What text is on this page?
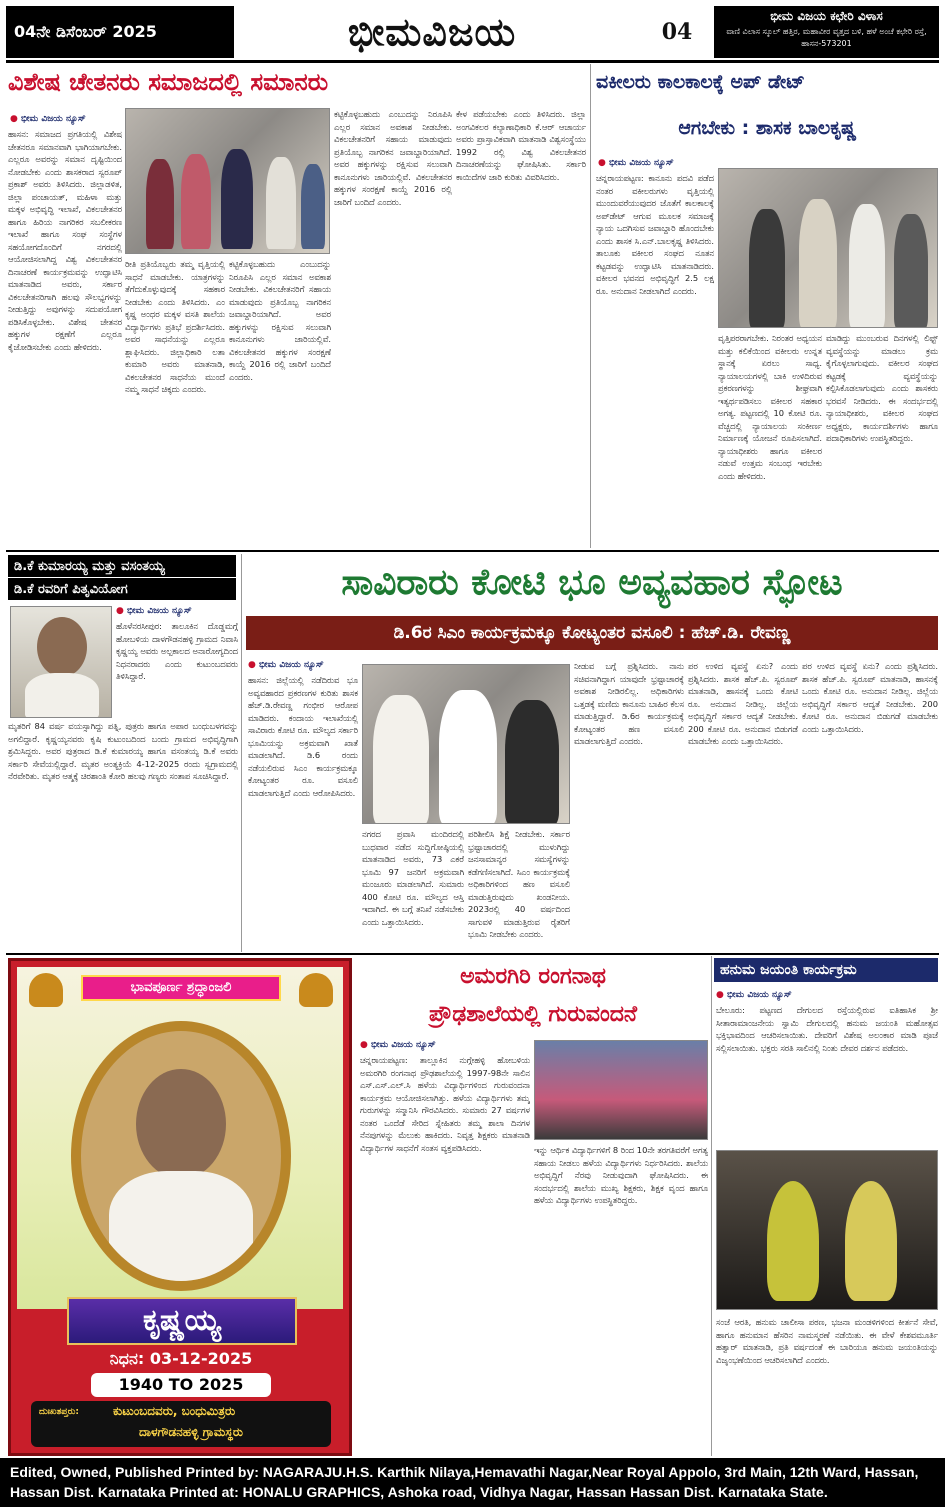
04ನೇ ಡಿಸೆಂಬರ್ 2025	ಭೀಮವಿಜಯ	04
ಭೀಮ ವಿಜಯ ಕಛೇರಿ ವಿಳಾಸ
ವಾಣಿ ವಿಲಾಸ ಸ್ಕೂಲ್ ಹತ್ತಿರ, ಮಹಾವೀರ ವೃತ್ತದ ಬಳಿ, ಹಳೆ ಅಂಚೆ ಕಛೇರಿ ರಸ್ತೆ, ಹಾಸನ-573201
ವಿಶೇಷ ಚೇತನರು ಸಮಾಜದಲ್ಲಿ ಸಮಾನರು
● ಭೀಮ ವಿಜಯ ನ್ಯೂಸ್
ಹಾಸನ: ಸಮಾಜದ ಪ್ರಗತಿಯಲ್ಲಿ ವಿಶೇಷ ಚೇತನರೂ ಸಮಾನವಾಗಿ ಭಾಗಿಯಾಗಬೇಕು. ಎಲ್ಲರೂ ಅವರನ್ನು ಸಮಾನ ದೃಷ್ಟಿಯಿಂದ ನೋಡಬೇಕು ಎಂದು ಶಾಸಕರಾದ ಸ್ವರೂಪ್ ಪ್ರಕಾಶ್ ಅವರು ತಿಳಿಸಿದರು. ಜಿಲ್ಲಾಡಳಿತ, ಜಿಲ್ಲಾ ಪಂಚಾಯತ್, ಮಹಿಳಾ ಮತ್ತು ಮಕ್ಕಳ ಅಭಿವೃದ್ಧಿ ಇಲಾಖೆ, ವಿಕಲಚೇತನರ ಹಾಗೂ ಹಿರಿಯ ನಾಗರಿಕರ ಸಬಲೀಕರಣ ಇಲಾಖೆ ಹಾಗೂ ಸಂಘ ಸಂಸ್ಥೆಗಳ ಸಹಯೋಗದೊಂದಿಗೆ ನಗರದಲ್ಲಿ ಆಯೋಜಿಸಲಾಗಿದ್ದ ವಿಶ್ವ ವಿಕಲಚೇತನರ ದಿನಾಚರಣೆ ಕಾರ್ಯಕ್ರಮವನ್ನು ಉದ್ಘಾಟಿಸಿ ಮಾತನಾಡಿದ ಅವರು, ಸರ್ಕಾರ ವಿಕಲಚೇತನರಿಗಾಗಿ ಹಲವು ಸೌಲಭ್ಯಗಳನ್ನು ನೀಡುತ್ತಿದ್ದು ಅವುಗಳನ್ನು ಸದುಪಯೋಗ ಪಡಿಸಿಕೊಳ್ಳಬೇಕು. ವಿಶೇಷ ಚೇತನರ ಹಕ್ಕುಗಳ ರಕ್ಷಣೆಗೆ ಎಲ್ಲರೂ ಕೈಜೋಡಿಸಬೇಕು ಎಂದು ಹೇಳಿದರು.
ರೀತಿ ಪ್ರತಿಯೊಬ್ಬರು ತಮ್ಮ ವೃತ್ತಿಯಲ್ಲಿ ಸಾಧನೆ ಮಾಡಬೇಕು. ಯಾತ್ರಗಳನ್ನು ತೆಗೆದುಕೊಳ್ಳುವುದಕ್ಕೆ ಸಹಕಾರ ನೀಡಬೇಕು ಎಂದು ತಿಳಿಸಿದರು. ಎಂ ಕೃಷ್ಣ ಅಂಧರ ಮಕ್ಕಳ ವಸತಿ ಶಾಲೆಯ ವಿದ್ಯಾರ್ಥಿಗಳು ಪ್ರತಿಭೆ ಪ್ರದರ್ಶಿಸಿದರು. ಅವರ ಸಾಧನೆಯನ್ನು ಎಲ್ಲರೂ ಶ್ಲಾಘಿಸಿದರು. ಜಿಲ್ಲಾಧಿಕಾರಿ ಲತಾ ಕುಮಾರಿ ಅವರು ಮಾತನಾಡಿ, ವಿಕಲಚೇತನರ ಸಾಧನೆಯ ಮುಂದೆ ನಮ್ಮ ಸಾಧನೆ ಚಿಕ್ಕದು ಎಂದರು.
ಕಟ್ಟಿಕೊಳ್ಳಬಹುದು ಎಂಬುದನ್ನು ನಿರೂಪಿಸಿ ಎಲ್ಲರ ಸಮಾನ ಅವಕಾಶ ನೀಡಬೇಕು. ವಿಕಲಚೇತನರಿಗೆ ಸಹಾಯ ಮಾಡುವುದು ಪ್ರತಿಯೊಬ್ಬ ನಾಗರಿಕನ ಜವಾಬ್ದಾರಿಯಾಗಿದೆ. ಅವರ ಹಕ್ಕುಗಳನ್ನು ರಕ್ಷಿಸುವ ಸಲುವಾಗಿ ಕಾನೂನುಗಳು ಜಾರಿಯಲ್ಲಿವೆ. ವಿಕಲಚೇತನರ ಹಕ್ಕುಗಳ ಸಂರಕ್ಷಣೆ ಕಾಯ್ದೆ 2016 ರಲ್ಲಿ ಜಾರಿಗೆ ಬಂದಿದೆ ಎಂದರು.
ಕಟ್ಟಿಕೊಳ್ಳಬಹುದು ಎಂಬುದನ್ನು ನಿರೂಪಿಸಿ ಎಲ್ಲರ ಸಮಾನ ಅವಕಾಶ ನೀಡಬೇಕು. ವಿಕಲಚೇತನರಿಗೆ ಸಹಾಯ ಮಾಡುವುದು ಪ್ರತಿಯೊಬ್ಬ ನಾಗರಿಕನ ಜವಾಬ್ದಾರಿಯಾಗಿದೆ. ಅವರ ಹಕ್ಕುಗಳನ್ನು ರಕ್ಷಿಸುವ ಸಲುವಾಗಿ ಕಾನೂನುಗಳು ಜಾರಿಯಲ್ಲಿವೆ. ವಿಕಲಚೇತನರ ಹಕ್ಕುಗಳ ಸಂರಕ್ಷಣೆ ಕಾಯ್ದೆ 2016 ರಲ್ಲಿ ಜಾರಿಗೆ ಬಂದಿದೆ ಎಂದರು.
ಕೇಳ ಪಡೆಯಬೇಕು ಎಂದು ತಿಳಿಸಿದರು. ಜಿಲ್ಲಾ ಅಂಗವಿಕಲರ ಕಲ್ಯಾಣಾಧಿಕಾರಿ ಕೆ.ಆರ್ ಆಚಾರ್ಯ ಅವರು ಪ್ರಾಸ್ತಾವಿಕವಾಗಿ ಮಾತನಾಡಿ ವಿಶ್ವಸಂಸ್ಥೆಯು 1992 ರಲ್ಲಿ ವಿಶ್ವ ವಿಕಲಚೇತನರ ದಿನಾಚರಣೆಯನ್ನು ಘೋಷಿಸಿತು. ಸರ್ಕಾರಿ ಕಾಯಿದೆಗಳ ಜಾರಿ ಕುರಿತು ವಿವರಿಸಿದರು.
ವಕೀಲರು ಕಾಲಕಾಲಕ್ಕೆ ಅಪ್ ಡೇಟ್
ಆಗಬೇಕು : ಶಾಸಕ ಬಾಲಕೃಷ್ಣ
● ಭೀಮ ವಿಜಯ ನ್ಯೂಸ್
ಚನ್ನರಾಯಪಟ್ಟಣ: ಕಾನೂನು ಪದವಿ ಪಡೆದ ನಂತರ ವಕೀಲರುಗಳು ವೃತ್ತಿಯಲ್ಲಿ ಮುಂದುವರೆಯುವುದರ ಜೊತೆಗೆ ಕಾಲಕಾಲಕ್ಕೆ ಅಪ್‌ಡೇಟ್ ಆಗುವ ಮೂಲಕ ಸಮಾಜಕ್ಕೆ ನ್ಯಾಯ ಒದಗಿಸುವ ಜವಾಬ್ದಾರಿ ಹೊಂದಬೇಕು ಎಂದು ಶಾಸಕ ಸಿ.ಎನ್.ಬಾಲಕೃಷ್ಣ ತಿಳಿಸಿದರು. ತಾಲೂಕು ವಕೀಲರ ಸಂಘದ ನೂತನ ಕಟ್ಟಡವನ್ನು ಉದ್ಘಾಟಿಸಿ ಮಾತನಾಡಿದರು. ವಕೀಲರ ಭವನದ ಅಭಿವೃದ್ಧಿಗೆ 2.5 ಲಕ್ಷ ರೂ. ಅನುದಾನ ನೀಡಲಾಗಿದೆ ಎಂದರು.
ವೃತ್ತಿಪರರಾಗಬೇಕು. ನಿರಂತರ ಅಧ್ಯಯನ ಮತ್ತು ಕಲಿಕೆಯಿಂದ ವಕೀಲರು ಉನ್ನತ ಸ್ಥಾನಕ್ಕೆ ಏರಲು ಸಾಧ್ಯ. ನ್ಯಾಯಾಲಯಗಳಲ್ಲಿ ಬಾಕಿ ಉಳಿದಿರುವ ಪ್ರಕರಣಗಳನ್ನು ಶೀಘ್ರವಾಗಿ ಇತ್ಯರ್ಥಪಡಿಸಲು ವಕೀಲರ ಸಹಕಾರ ಅಗತ್ಯ. ಪಟ್ಟಣದಲ್ಲಿ 10 ಕೋಟಿ ರೂ. ವೆಚ್ಚದಲ್ಲಿ ನ್ಯಾಯಾಲಯ ಸಂಕೀರ್ಣ ನಿರ್ಮಾಣಕ್ಕೆ ಯೋಜನೆ ರೂಪಿಸಲಾಗಿದೆ. ನ್ಯಾಯಾಧೀಶರು ಹಾಗೂ ವಕೀಲರ ನಡುವೆ ಉತ್ತಮ ಸಂಬಂಧ ಇರಬೇಕು ಎಂದು ಹೇಳಿದರು.
ಮಾಡಿದ್ದು ಮುಂಬರುವ ದಿನಗಳಲ್ಲಿ ಲಿಫ್ಟ್ ವ್ಯವಸ್ಥೆಯನ್ನು ಮಾಡಲು ಕ್ರಮ ಕೈಗೊಳ್ಳಲಾಗುವುದು. ವಕೀಲರ ಸಂಘದ ಕಟ್ಟಡಕ್ಕೆ ವ್ಯವಸ್ಥೆಯನ್ನು ಕಲ್ಪಿಸಿಕೊಡಲಾಗುವುದು ಎಂದು ಶಾಸಕರು ಭರವಸೆ ನೀಡಿದರು. ಈ ಸಂದರ್ಭದಲ್ಲಿ ನ್ಯಾಯಾಧೀಶರು, ವಕೀಲರ ಸಂಘದ ಅಧ್ಯಕ್ಷರು, ಕಾರ್ಯದರ್ಶಿಗಳು ಹಾಗೂ ಪದಾಧಿಕಾರಿಗಳು ಉಪಸ್ಥಿತರಿದ್ದರು.
ಡಿ.ಕೆ ಕುಮಾರಯ್ಯ ಮತ್ತು ವಸಂತಯ್ಯ
ಡಿ.ಕೆ ರವರಿಗೆ ಪಿತೃವಿಯೋಗ
● ಭೀಮ ವಿಜಯ ನ್ಯೂಸ್
ಹೊಳೆನರಸೀಪುರ: ತಾಲೂಕಿನ ದೊಡ್ಡಮಗ್ಗೆ ಹೋಬಳಿಯ ದಾಳಗೌಡನಹಳ್ಳಿ ಗ್ರಾಮದ ನಿವಾಸಿ ಕೃಷ್ಣಯ್ಯ ಅವರು ಅಲ್ಪಕಾಲದ ಅನಾರೋಗ್ಯದಿಂದ ನಿಧನರಾದರು ಎಂದು ಕುಟುಂಬದವರು ತಿಳಿಸಿದ್ದಾರೆ.
ಮೃತರಿಗೆ 84 ವರ್ಷ ವಯಸ್ಸಾಗಿದ್ದು ಪತ್ನಿ, ಪುತ್ರರು ಹಾಗೂ ಅಪಾರ ಬಂಧುಬಳಗವನ್ನು ಅಗಲಿದ್ದಾರೆ. ಕೃಷ್ಣಯ್ಯನವರು ಕೃಷಿ ಕುಟುಂಬದಿಂದ ಬಂದು ಗ್ರಾಮದ ಅಭಿವೃದ್ಧಿಗಾಗಿ ಶ್ರಮಿಸಿದ್ದರು. ಅವರ ಪುತ್ರರಾದ ಡಿ.ಕೆ ಕುಮಾರಯ್ಯ ಹಾಗೂ ವಸಂತಯ್ಯ ಡಿ.ಕೆ ಅವರು ಸರ್ಕಾರಿ ಸೇವೆಯಲ್ಲಿದ್ದಾರೆ. ಮೃತರ ಅಂತ್ಯಕ್ರಿಯೆ 4-12-2025 ರಂದು ಸ್ವಗ್ರಾಮದಲ್ಲಿ ನೆರವೇರಿತು. ಮೃತರ ಆತ್ಮಕ್ಕೆ ಚಿರಶಾಂತಿ ಕೋರಿ ಹಲವು ಗಣ್ಯರು ಸಂತಾಪ ಸೂಚಿಸಿದ್ದಾರೆ.
ಸಾವಿರಾರು ಕೋಟಿ ಭೂ ಅವ್ಯವಹಾರ ಸ್ಫೋಟ
ಡಿ.6ರ ಸಿಎಂ ಕಾರ್ಯಕ್ರಮಕ್ಕೂ ಕೋಟ್ಯಂತರ ವಸೂಲಿ : ಹೆಚ್.ಡಿ. ರೇವಣ್ಣ
● ಭೀಮ ವಿಜಯ ನ್ಯೂಸ್
ಹಾಸನ: ಜಿಲ್ಲೆಯಲ್ಲಿ ನಡೆದಿರುವ ಭೂ ಅವ್ಯವಹಾರದ ಪ್ರಕರಣಗಳ ಕುರಿತು ಶಾಸಕ ಹೆಚ್.ಡಿ.ರೇವಣ್ಣ ಗಂಭೀರ ಆರೋಪ ಮಾಡಿದರು. ಕಂದಾಯ ಇಲಾಖೆಯಲ್ಲಿ ಸಾವಿರಾರು ಕೋಟಿ ರೂ. ಮೌಲ್ಯದ ಸರ್ಕಾರಿ ಭೂಮಿಯನ್ನು ಅಕ್ರಮವಾಗಿ ಖಾತೆ ಮಾಡಲಾಗಿದೆ. ಡಿ.6 ರಂದು ನಡೆಯಲಿರುವ ಸಿಎಂ ಕಾರ್ಯಕ್ರಮಕ್ಕೂ ಕೋಟ್ಯಂತರ ರೂ. ವಸೂಲಿ ಮಾಡಲಾಗುತ್ತಿದೆ ಎಂದು ಆರೋಪಿಸಿದರು.
ನಗರದ ಪ್ರವಾಸಿ ಮಂದಿರದಲ್ಲಿ ಬುಧವಾರ ನಡೆದ ಸುದ್ದಿಗೋಷ್ಠಿಯಲ್ಲಿ ಮಾತನಾಡಿದ ಅವರು, 73 ಎಕರೆ ಭೂಮಿ 97 ಜನರಿಗೆ ಅಕ್ರಮವಾಗಿ ಮಂಜೂರು ಮಾಡಲಾಗಿದೆ. ಸುಮಾರು 400 ಕೋಟಿ ರೂ. ಮೌಲ್ಯದ ಆಸ್ತಿ ಇದಾಗಿದೆ. ಈ ಬಗ್ಗೆ ತನಿಖೆ ನಡೆಸಬೇಕು ಎಂದು ಒತ್ತಾಯಿಸಿದರು.
ಪರಿಶೀಲಿಸಿ ಶಿಕ್ಷೆ ನೀಡಬೇಕು. ಸರ್ಕಾರ ಭ್ರಷ್ಟಾಚಾರದಲ್ಲಿ ಮುಳುಗಿದ್ದು ಜನಸಾಮಾನ್ಯರ ಸಮಸ್ಯೆಗಳನ್ನು ಕಡೆಗಣಿಸಲಾಗಿದೆ. ಸಿಎಂ ಕಾರ್ಯಕ್ರಮಕ್ಕೆ ಅಧಿಕಾರಿಗಳಿಂದ ಹಣ ವಸೂಲಿ ಮಾಡುತ್ತಿರುವುದು ಖಂಡನೀಯ. 2023ರಲ್ಲಿ 40 ವರ್ಷದಿಂದ ಸಾಗುವಳಿ ಮಾಡುತ್ತಿರುವ ರೈತರಿಗೆ ಭೂಮಿ ನೀಡಬೇಕು ಎಂದರು.
ನೀಡುವ ಬಗ್ಗೆ ಪ್ರಶ್ನಿಸಿದರು. ನಾನು ಸಚಿವನಾಗಿದ್ದಾಗ ಯಾವುದೇ ಭ್ರಷ್ಟಾಚಾರಕ್ಕೆ ಅವಕಾಶ ನೀಡಿರಲಿಲ್ಲ. ಅಧಿಕಾರಿಗಳು ಒತ್ತಡಕ್ಕೆ ಮಣಿದು ಕಾನೂನು ಬಾಹಿರ ಕೆಲಸ ಮಾಡುತ್ತಿದ್ದಾರೆ. ಡಿ.6ರ ಕಾರ್ಯಕ್ರಮಕ್ಕೆ ಕೋಟ್ಯಂತರ ಹಣ ವಸೂಲಿ ಮಾಡಲಾಗುತ್ತಿದೆ ಎಂದರು.
ಪರ ಉಳಿದ ವ್ಯವಸ್ಥೆ ಏನು? ಎಂದು ಪ್ರಶ್ನಿಸಿದರು. ಶಾಸಕ ಹೆಚ್.ಪಿ. ಸ್ವರೂಪ್ ಮಾತನಾಡಿ, ಹಾಸನಕ್ಕೆ ಒಂದು ಕೋಟಿ ರೂ. ಅನುದಾನ ನೀಡಿಲ್ಲ. ಜಿಲ್ಲೆಯ ಅಭಿವೃದ್ಧಿಗೆ ಸರ್ಕಾರ ಆದ್ಯತೆ ನೀಡಬೇಕು. 200 ಕೋಟಿ ರೂ. ಅನುದಾನ ಬಿಡುಗಡೆ ಮಾಡಬೇಕು ಎಂದು ಒತ್ತಾಯಿಸಿದರು.
ಪರ ಉಳಿದ ವ್ಯವಸ್ಥೆ ಏನು? ಎಂದು ಪ್ರಶ್ನಿಸಿದರು. ಶಾಸಕ ಹೆಚ್.ಪಿ. ಸ್ವರೂಪ್ ಮಾತನಾಡಿ, ಹಾಸನಕ್ಕೆ ಒಂದು ಕೋಟಿ ರೂ. ಅನುದಾನ ನೀಡಿಲ್ಲ. ಜಿಲ್ಲೆಯ ಅಭಿವೃದ್ಧಿಗೆ ಸರ್ಕಾರ ಆದ್ಯತೆ ನೀಡಬೇಕು. 200 ಕೋಟಿ ರೂ. ಅನುದಾನ ಬಿಡುಗಡೆ ಮಾಡಬೇಕು ಎಂದು ಒತ್ತಾಯಿಸಿದರು.
ಭಾವಪೂರ್ಣ ಶ್ರದ್ಧಾಂಜಲಿ
ಕೃಷ್ಣಯ್ಯ
ನಿಧನ: 03-12-2025
1940 TO 2025
ದುಃಖತಪ್ತರು:	ಕುಟುಂಬದವರು, ಬಂಧುಮಿತ್ರರು
ದಾಳಗೌಡನಹಳ್ಳಿ ಗ್ರಾಮಸ್ಥರು
ಅಮರಗಿರಿ ರಂಗನಾಥ
ಪ್ರೌಢಶಾಲೆಯಲ್ಲಿ ಗುರುವಂದನೆ
● ಭೀಮ ವಿಜಯ ನ್ಯೂಸ್
ಚನ್ನರಾಯಪಟ್ಟಣ: ತಾಲ್ಲೂಕಿನ ನುಗ್ಗೇಹಳ್ಳಿ ಹೋಬಳಿಯ ಅಮರಗಿರಿ ರಂಗನಾಥ ಪ್ರೌಢಶಾಲೆಯಲ್ಲಿ 1997-98ನೇ ಸಾಲಿನ ಎಸ್.ಎಸ್.ಎಲ್.ಸಿ ಹಳೆಯ ವಿದ್ಯಾರ್ಥಿಗಳಿಂದ ಗುರುವಂದನಾ ಕಾರ್ಯಕ್ರಮ ಆಯೋಜಿಸಲಾಗಿತ್ತು. ಹಳೆಯ ವಿದ್ಯಾರ್ಥಿಗಳು ತಮ್ಮ ಗುರುಗಳನ್ನು ಸನ್ಮಾನಿಸಿ ಗೌರವಿಸಿದರು. ಸುಮಾರು 27 ವರ್ಷಗಳ ನಂತರ ಒಂದೆಡೆ ಸೇರಿದ ಸ್ನೇಹಿತರು ತಮ್ಮ ಶಾಲಾ ದಿನಗಳ ನೆನಪುಗಳನ್ನು ಮೆಲುಕು ಹಾಕಿದರು. ನಿವೃತ್ತ ಶಿಕ್ಷಕರು ಮಾತನಾಡಿ ವಿದ್ಯಾರ್ಥಿಗಳ ಸಾಧನೆಗೆ ಸಂತಸ ವ್ಯಕ್ತಪಡಿಸಿದರು.	ಇನ್ನು ಆರ್ಥಿಕ ವಿದ್ಯಾರ್ಥಿಗಳಿಗೆ 8 ರಿಂದ 10ನೇ ತರಗತಿವರೆಗೆ ಅಗತ್ಯ ಸಹಾಯ ನೀಡಲು ಹಳೆಯ ವಿದ್ಯಾರ್ಥಿಗಳು ನಿರ್ಧರಿಸಿದರು. ಶಾಲೆಯ ಅಭಿವೃದ್ಧಿಗೆ ನೆರವು ನೀಡುವುದಾಗಿ ಘೋಷಿಸಿದರು. ಈ ಸಂದರ್ಭದಲ್ಲಿ ಶಾಲೆಯ ಮುಖ್ಯ ಶಿಕ್ಷಕರು, ಶಿಕ್ಷಕ ವೃಂದ ಹಾಗೂ ಹಳೆಯ ವಿದ್ಯಾರ್ಥಿಗಳು ಉಪಸ್ಥಿತರಿದ್ದರು.
ಹನುಮ ಜಯಂತಿ ಕಾರ್ಯಕ್ರಮ
● ಭೀಮ ವಿಜಯ ನ್ಯೂಸ್
ಬೇಲೂರು: ಪಟ್ಟಣದ ದೇಗುಲದ ರಸ್ತೆಯಲ್ಲಿರುವ ಐತಿಹಾಸಿಕ ಶ್ರೀ ಸೀತಾರಾಮಾಂಜನೇಯ ಸ್ವಾಮಿ ದೇಗುಲದಲ್ಲಿ ಹನುಮ ಜಯಂತಿ ಮಹೋತ್ಸವ ಭಕ್ತಿಭಾವದಿಂದ ಆಚರಿಸಲಾಯಿತು. ದೇವರಿಗೆ ವಿಶೇಷ ಅಲಂಕಾರ ಮಾಡಿ ಪೂಜೆ ಸಲ್ಲಿಸಲಾಯಿತು. ಭಕ್ತರು ಸರತಿ ಸಾಲಿನಲ್ಲಿ ನಿಂತು ದೇವರ ದರ್ಶನ ಪಡೆದರು.
ಸಂಜೆ ಆರತಿ, ಹನುಮ ಚಾಲೀಸಾ ಪಠಣ, ಭಜನಾ ಮಂಡಳಿಗಳಿಂದ ಕೀರ್ತನೆ ಸೇವೆ, ಹಾಗೂ ಹನುಮಾನ ಹೆಸರಿನ ನಾಮಸ್ಮರಣೆ ನಡೆಯಿತು. ಈ ವೇಳೆ ಕೇಶವಮೂರ್ತಿ ಹತ್ವಾರ್ ಮಾತನಾಡಿ, ಪ್ರತಿ ವರ್ಷದಂತೆ ಈ ಬಾರಿಯೂ ಹನುಮ ಜಯಂತಿಯನ್ನು ವಿಜೃಂಭಣೆಯಿಂದ ಆಚರಿಸಲಾಗಿದೆ ಎಂದರು.
Edited, Owned, Published Printed by: NAGARAJU.H.S. Karthik Nilaya,Hemavathi Nagar,Near Royal Appolo, 3rd Main, 12th Ward, Hassan,
Hassan Dist. Karnataka Printed at: HONALU GRAPHICS, Ashoka road, Vidhya Nagar, Hassan Hassan Dist. Karnataka State.
